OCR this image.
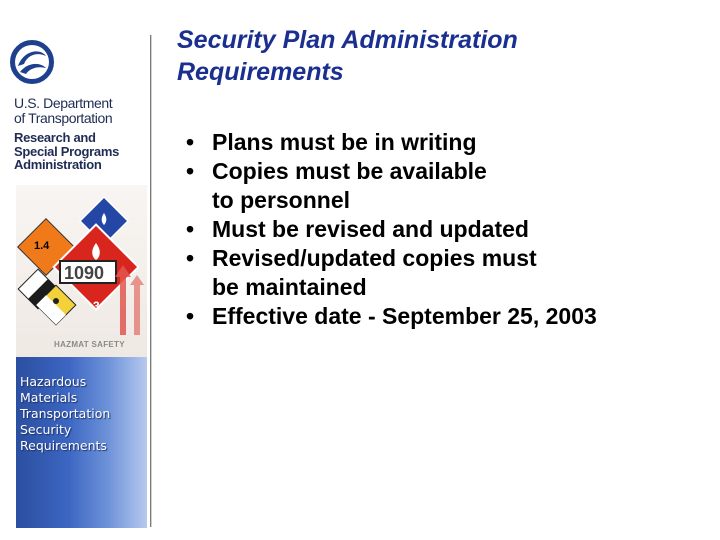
U.S. Department
of Transportation
Research and
Special Programs
Administration
1.4
1090
3
HAZMAT SAFETY
Hazardous
Materials
Transportation
Security
Requirements
Security Plan Administration
Requirements
• Plans must be in writing
• Copies must be available
to personnel
• Must be revised and updated
• Revised/updated copies must
be maintained
• Effective date - September 25, 2003
